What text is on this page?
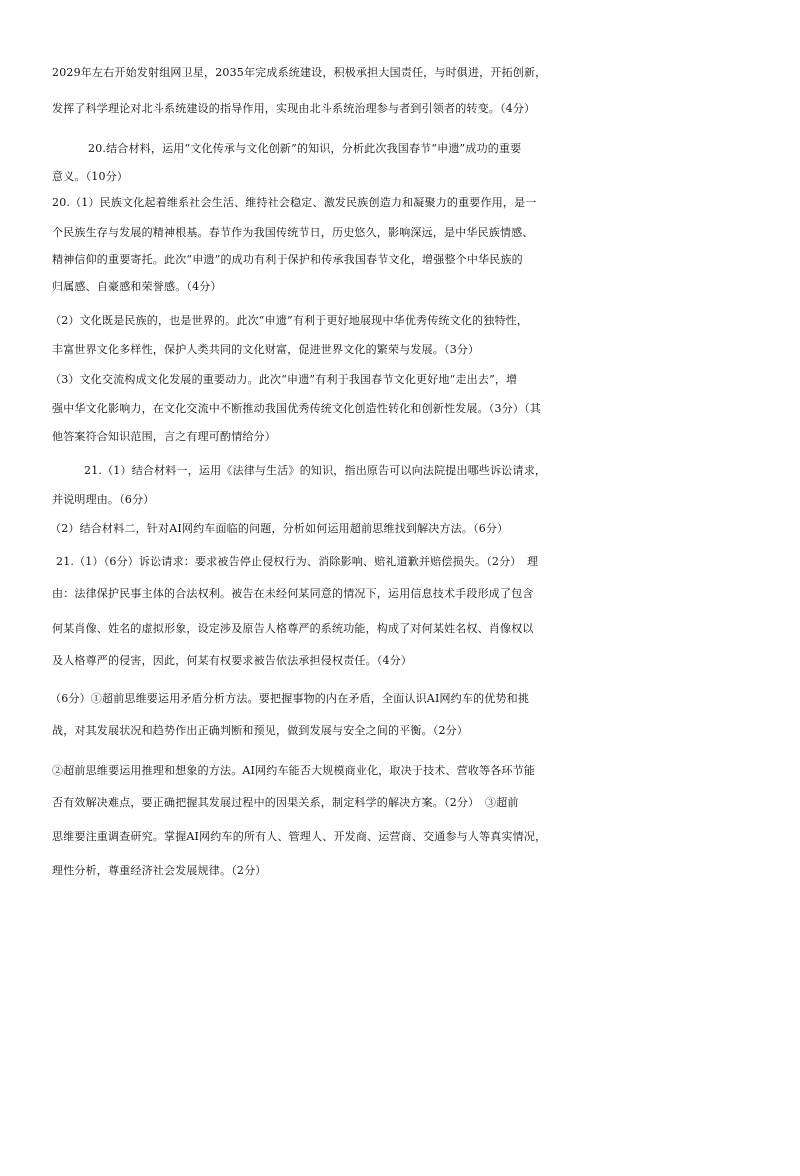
2029年左右开始发射组网卫星，2035年完成系统建设，积极承担大国责任，与时俱进，开拓创新，
发挥了科学理论对北斗系统建设的指导作用，实现由北斗系统治理参与者到引领者的转变。（4分）
20.结合材料，运用“文化传承与文化创新”的知识，分析此次我国春节“申遗”成功的重要
意义。（10分）
20.（1）民族文化起着维系社会生活、维持社会稳定、激发民族创造力和凝聚力的重要作用，是一
个民族生存与发展的精神根基。春节作为我国传统节日，历史悠久，影响深远，是中华民族情感、
精神信仰的重要寄托。此次“申遗”的成功有利于保护和传承我国春节文化，增强整个中华民族的
归属感、自豪感和荣誉感。（4分）
（2）文化既是民族的，也是世界的。此次“申遗”有利于更好地展现中华优秀传统文化的独特性，
丰富世界文化多样性，保护人类共同的文化财富，促进世界文化的繁荣与发展。（3分）
（3）文化交流构成文化发展的重要动力。此次“申遗”有利于我国春节文化更好地“走出去”，增
强中华文化影响力，在文化交流中不断推动我国优秀传统文化创造性转化和创新性发展。（3分）（其
他答案符合知识范围，言之有理可酌情给分）
21.（1）结合材料一，运用《法律与生活》的知识，指出原告可以向法院提出哪些诉讼请求，
并说明理由。（6分）
（2）结合材料二，针对AI网约车面临的问题，分析如何运用超前思维找到解决方法。（6分）
21.（1）（6分）诉讼请求：要求被告停止侵权行为、消除影响、赔礼道歉并赔偿损失。（2分）　理
由：法律保护民事主体的合法权利。被告在未经何某同意的情况下，运用信息技术手段形成了包含
何某肖像、姓名的虚拟形象，设定涉及原告人格尊严的系统功能，构成了对何某姓名权、肖像权以
及人格尊严的侵害，因此，何某有权要求被告依法承担侵权责任。（4分）
（6分）①超前思维要运用矛盾分析方法。要把握事物的内在矛盾，全面认识AI网约车的优势和挑
战，对其发展状况和趋势作出正确判断和预见，做到发展与安全之间的平衡。（2分）
②超前思维要运用推理和想象的方法。AI网约车能否大规模商业化，取决于技术、营收等各环节能
否有效解决难点，要正确把握其发展过程中的因果关系，制定科学的解决方案。（2分）　③超前
思维要注重调查研究。掌握AI网约车的所有人、管理人、开发商、运营商、交通参与人等真实情况，
理性分析，尊重经济社会发展规律。（2分）
